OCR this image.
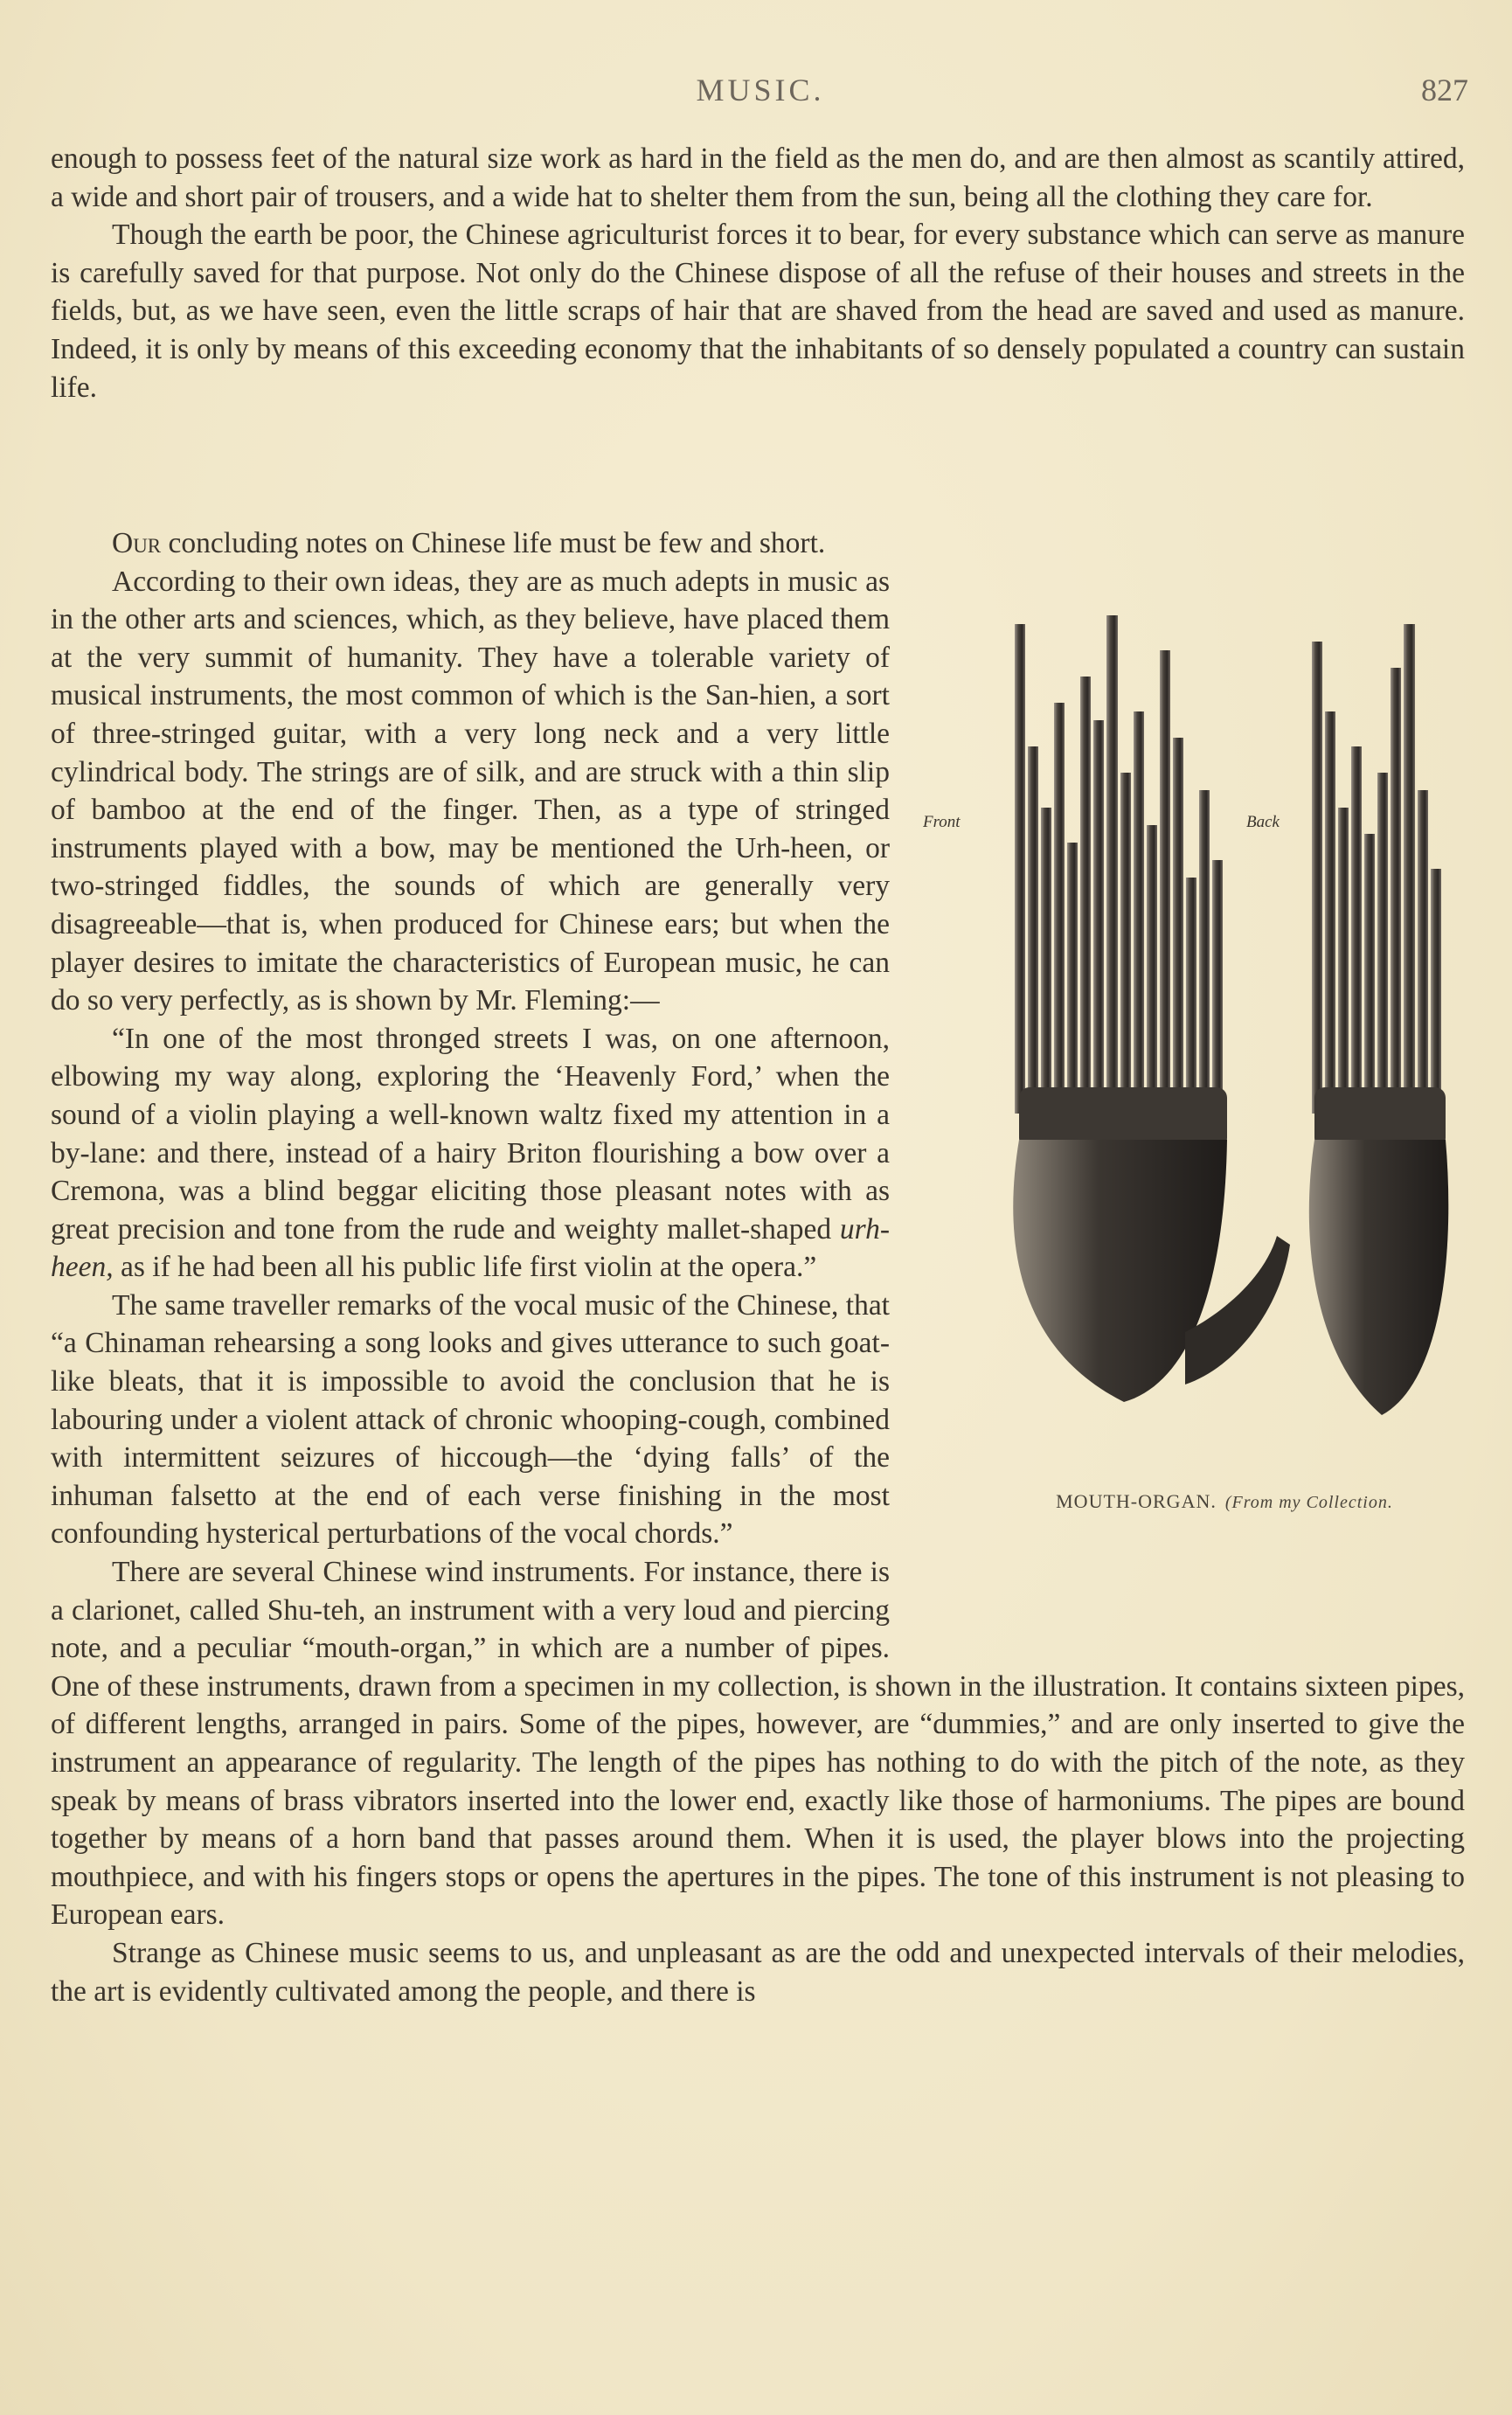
MUSIC.	827

enough to possess feet of the natural size work as hard in the field as the men do, and are then almost as scantily attired, a wide and short pair of trousers, and a wide hat to shelter them from the sun, being all the clothing they care for.

Though the earth be poor, the Chinese agriculturist forces it to bear, for every substance which can serve as manure is carefully saved for that purpose. Not only do the Chinese dispose of all the refuse of their houses and streets in the fields, but, as we have seen, even the little scraps of hair that are shaved from the head are saved and used as manure. Indeed, it is only by means of this exceeding economy that the inhabitants of so densely populated a country can sustain life.

Our concluding notes on Chinese life must be few and short.

Front	Back
MOUTH-ORGAN. (From my Collection.
According to their own ideas, they are as much adepts in music as in the other arts and sciences, which, as they believe, have placed them at the very summit of humanity. They have a tolerable variety of musical instruments, the most common of which is the San-hien, a sort of three-stringed guitar, with a very long neck and a very little cylindrical body. The strings are of silk, and are struck with a thin slip of bamboo at the end of the finger. Then, as a type of stringed instruments played with a bow, may be mentioned the Urh-heen, or two-stringed fiddles, the sounds of which are generally very disagreeable—that is, when produced for Chinese ears; but when the player desires to imitate the characteristics of European music, he can do so very perfectly, as is shown by Mr. Fleming:—

“In one of the most thronged streets I was, on one afternoon, elbowing my way along, exploring the ‘Heavenly Ford,’ when the sound of a violin playing a well-known waltz fixed my attention in a by-lane: and there, instead of a hairy Briton flourishing a bow over a Cremona, was a blind beggar eliciting those pleasant notes with as great precision and tone from the rude and weighty mallet-shaped urh-heen, as if he had been all his public life first violin at the opera.”

The same traveller remarks of the vocal music of the Chinese, that “a Chinaman rehearsing a song looks and gives utterance to such goat-like bleats, that it is impossible to avoid the conclusion that he is labouring under a violent attack of chronic whooping-cough, combined with intermittent seizures of hiccough—the ‘dying falls’ of the inhuman falsetto at the end of each verse finishing in the most confounding hysterical perturbations of the vocal chords.”

There are several Chinese wind instruments. For instance, there is a clarionet, called Shu-teh, an instrument with a very loud and piercing note, and a peculiar “mouth-organ,” in which are a number of pipes. One of these instruments, drawn from a specimen in my collection, is shown in the illustration. It contains sixteen pipes, of different lengths, arranged in pairs. Some of the pipes, however, are “dummies,” and are only inserted to give the instrument an appearance of regularity. The length of the pipes has nothing to do with the pitch of the note, as they speak by means of brass vibrators inserted into the lower end, exactly like those of harmoniums. The pipes are bound together by means of a horn band that passes around them. When it is used, the player blows into the projecting mouthpiece, and with his fingers stops or opens the apertures in the pipes. The tone of this instrument is not pleasing to European ears.

Strange as Chinese music seems to us, and unpleasant as are the odd and unexpected intervals of their melodies, the art is evidently cultivated among the people, and there is
